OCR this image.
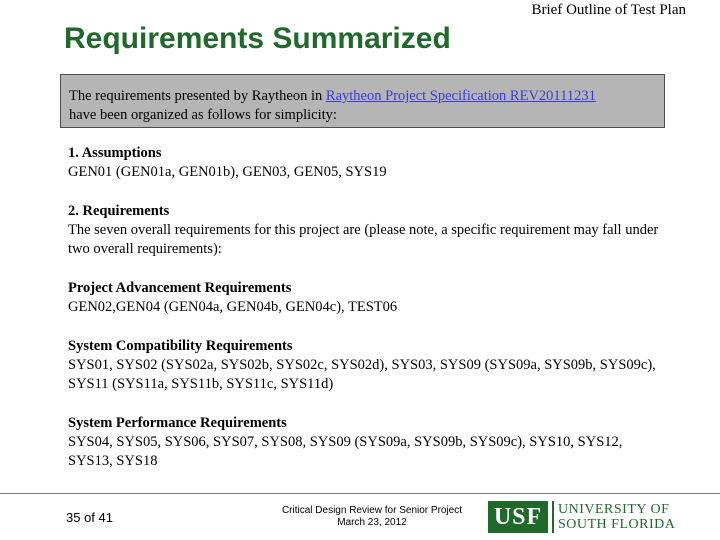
Brief Outline of Test Plan
Requirements Summarized
The requirements presented by Raytheon in Raytheon Project Specification REV20111231
have been organized as follows for simplicity:

1. Assumptions

GEN01 (GEN01a, GEN01b), GEN03, GEN05, SYS19

2. Requirements

The seven overall requirements for this project are (please note, a specific requirement may fall under two overall requirements):

Project Advancement Requirements

GEN02,GEN04 (GEN04a, GEN04b, GEN04c), TEST06

System Compatibility Requirements

SYS01, SYS02 (SYS02a, SYS02b, SYS02c, SYS02d), SYS03, SYS09 (SYS09a, SYS09b, SYS09c), SYS11 (SYS11a, SYS11b, SYS11c, SYS11d)

System Performance Requirements

SYS04, SYS05, SYS06, SYS07, SYS08, SYS09 (SYS09a, SYS09b, SYS09c), SYS10, SYS12, SYS13, SYS18

35 of 41	Critical Design Review for Senior Project
March 23, 2012	USF	UNIVERSITY OF
SOUTH FLORIDA
